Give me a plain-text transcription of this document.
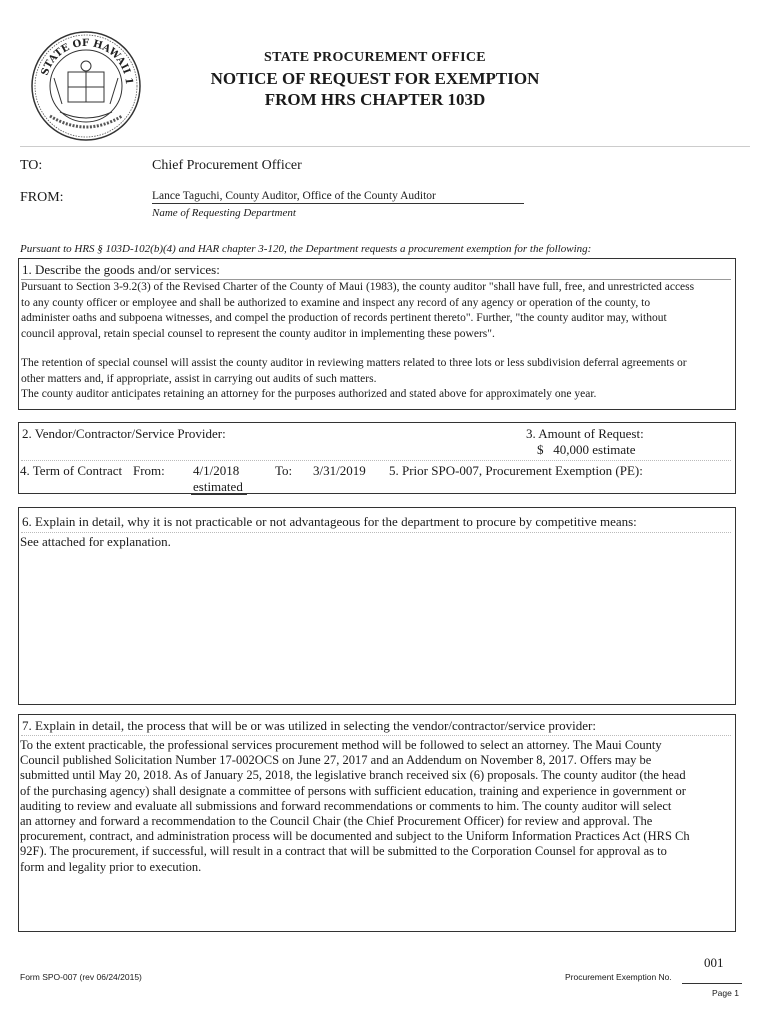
STATE OF HAWAII 1
STATE PROCUREMENT OFFICE
NOTICE OF REQUEST FOR EXEMPTION
FROM HRS CHAPTER 103D
TO:	Chief Procurement Officer
FROM:	Lance Taguchi, County Auditor, Office of the County Auditor
Name of Requesting Department
Pursuant to HRS § 103D-102(b)(4) and HAR chapter 3-120, the Department requests a procurement exemption for the following:
1. Describe the goods and/or services:
Pursuant to Section 3-9.2(3) of the Revised Charter of the County of Maui (1983), the county auditor "shall have full, free, and unrestricted access
to any county officer or employee and shall be authorized to examine and inspect any record of any agency or operation of the county, to
administer oaths and subpoena witnesses, and compel the production of records pertinent thereto". Further, "the county auditor may, without
council approval, retain special counsel to represent the county auditor in implementing these powers".
The retention of special counsel will assist the county auditor in reviewing matters related to three lots or less subdivision deferral agreements or
other matters and, if appropriate, assist in carrying out audits of such matters.
The county auditor anticipates retaining an attorney for the purposes authorized and stated above for approximately one year.
2. Vendor/Contractor/Service Provider:	3. Amount of Request:
$   40,000 estimate
4. Term of Contract From: 4/1/2018
estimated
To: 3/31/2019 5. Prior SPO-007, Procurement Exemption (PE):
6. Explain in detail, why it is not practicable or not advantageous for the department to procure by competitive means:
See attached for explanation.
7. Explain in detail, the process that will be or was utilized in selecting the vendor/contractor/service provider:
To the extent practicable, the professional services procurement method will be followed to select an attorney. The Maui County
Council published Solicitation Number 17-002OCS on June 27, 2017 and an Addendum on November 8, 2017. Offers may be
submitted until May 20, 2018. As of January 25, 2018, the legislative branch received six (6) proposals. The county auditor (the head
of the purchasing agency) shall designate a committee of persons with sufficient education, training and experience in government or
auditing to review and evaluate all submissions and forward recommendations or comments to him. The county auditor will select
an attorney and forward a recommendation to the Council Chair (the Chief Procurement Officer) for review and approval. The
procurement, contract, and administration process will be documented and subject to the Uniform Information Practices Act (HRS Ch
92F). The procurement, if successful, will result in a contract that will be submitted to the Corporation Counsel for approval as to
form and legality prior to execution.
Form SPO-007 (rev 06/24/2015)
001
Procurement Exemption No.
Page 1
